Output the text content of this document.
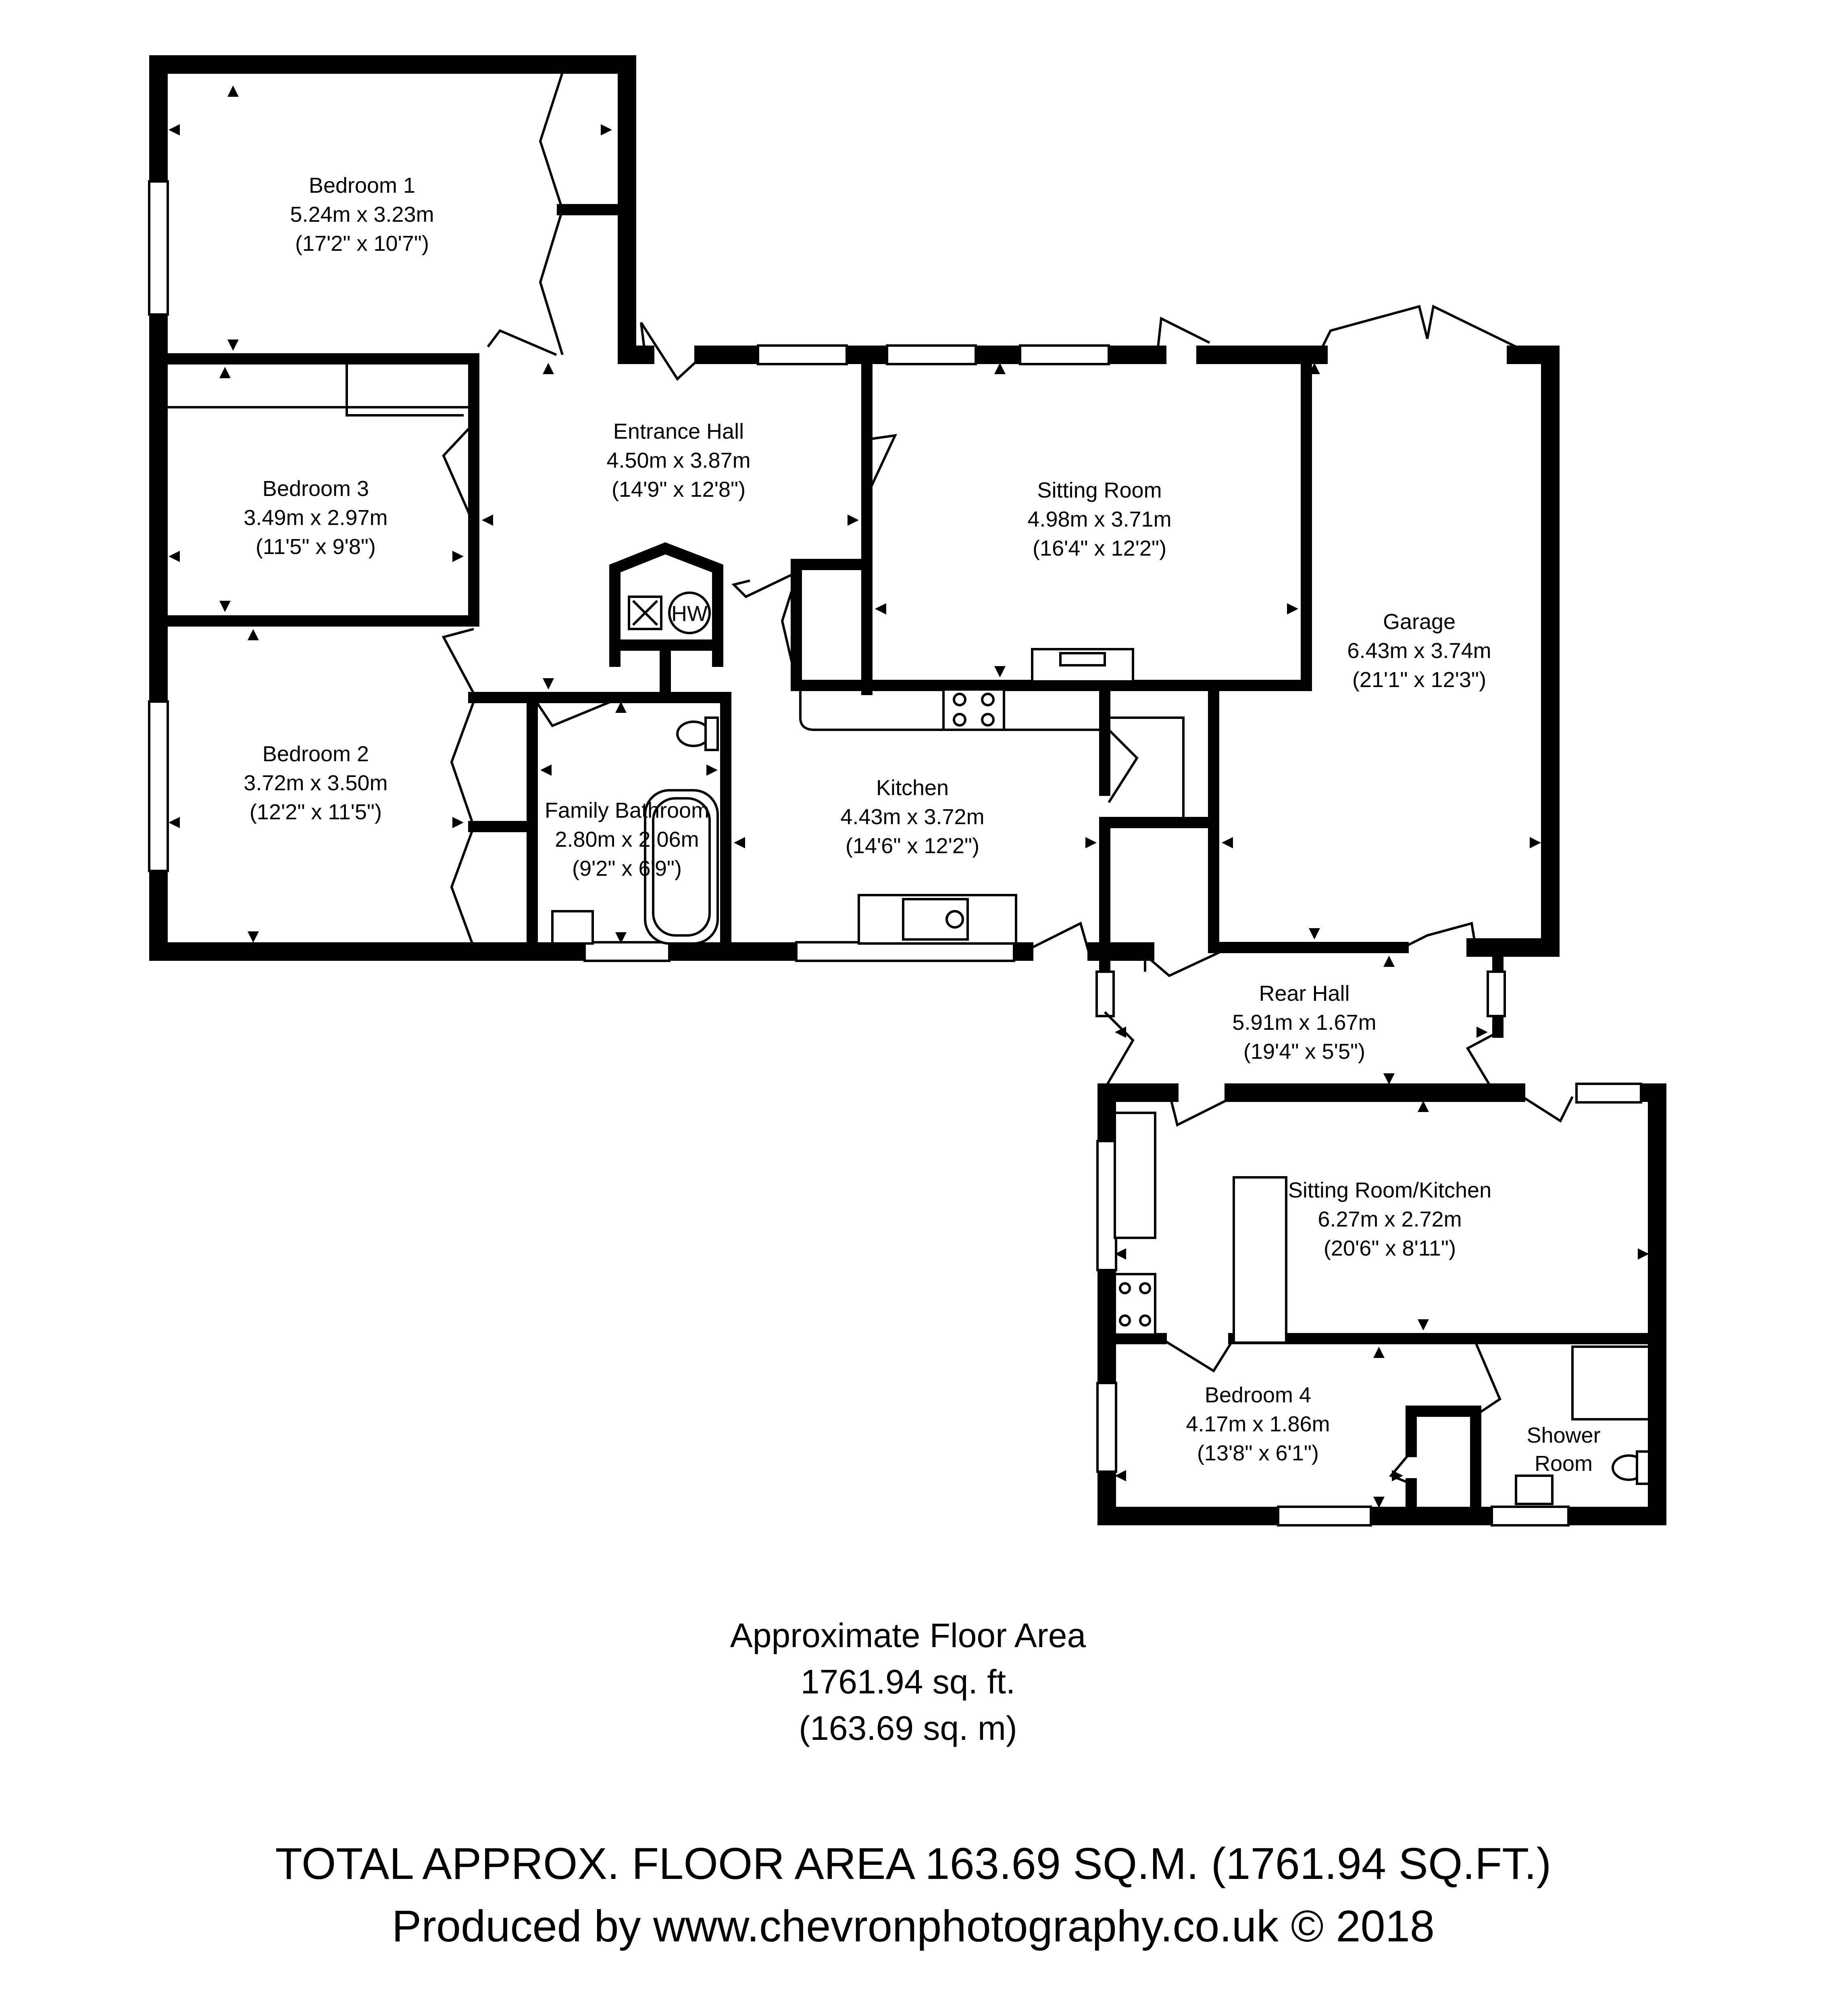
HW
Bedroom 1
5.24m x 3.23m
(17'2" x 10'7")
Bedroom 3
3.49m x 2.97m
(11'5" x 9'8")
Bedroom 2
3.72m x 3.50m
(12'2" x 11'5")
Entrance Hall
4.50m x 3.87m
(14'9" x 12'8")	Sitting Room
4.98m x 3.71m
(16'4" x 12'2")
Garage
6.43m x 3.74m
(21'1" x 12'3")
Family Bathroom
2.80m x 2.06m
(9'2" x 6'9")
Kitchen
4.43m x 3.72m
(14'6" x 12'2")
Rear Hall
5.91m x 1.67m
(19'4" x 5'5")
Sitting Room/Kitchen
6.27m x 2.72m
(20'6" x 8'11")
Bedroom 4
4.17m x 1.86m
(13'8" x 6'1")
Shower
Room
Approximate Floor Area
1761.94 sq. ft.
(163.69 sq. m)
TOTAL APPROX. FLOOR AREA 163.69 SQ.M. (1761.94 SQ.FT.)
Produced by www.chevronphotography.co.uk © 2018
